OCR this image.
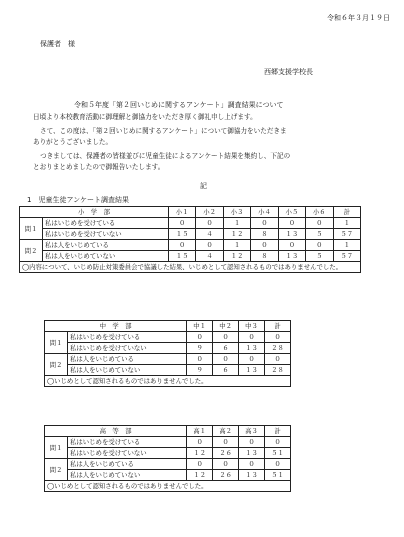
令和６年３月１９日
保護者　様
西郷支援学校長
令和５年度「第２回いじめに関するアンケート」調査結果について
日頃より本校教育活動に御理解と御協力をいただき厚く御礼申し上げます。
さて、この度は、「第２回いじめに関するアンケート」について御協力をいただきま
ありがとうございました。
つきましては、保護者の皆様並びに児童生徒によるアンケート結果を集約し、下記の
とおりまとめましたので御報告いたします。
記
1　児童生徒アンケート調査結果
小　学　部		小１	小２	小３	小４	小５	小６	計
問１	私はいじめを受けている	０	０	１	０	０	０	１
	私はいじめを受けていない	１５	４	１２	８	１３	５	５７
問２	私は人をいじめている	０	０	１	０	０	０	１
	私は人をいじめていない	１５	４	１２	８	１３	５	５７
◯内容について、いじめ防止対策委員会で協議した結果、いじめとして認知されるものではありませんでした。								
中　学　部		中１	中２	中３	計
問１	私はいじめを受けている	０	０	０	０
	私はいじめを受けていない	９	６	１３	２８
問２	私は人をいじめている	０	０	０	０
	私は人をいじめていない	９	６	１３	２８
◯いじめとして認知されるものではありませんでした。					
高　等　部		高１	高２	高３	計
問１	私はいじめを受けている	０	０	０	０
	私はいじめを受けていない	１２	２６	１３	５１
問２	私は人をいじめている	０	０	０	０
	私は人をいじめていない	１２	２６	１３	５１
◯いじめとして認知されるものではありませんでした。					
